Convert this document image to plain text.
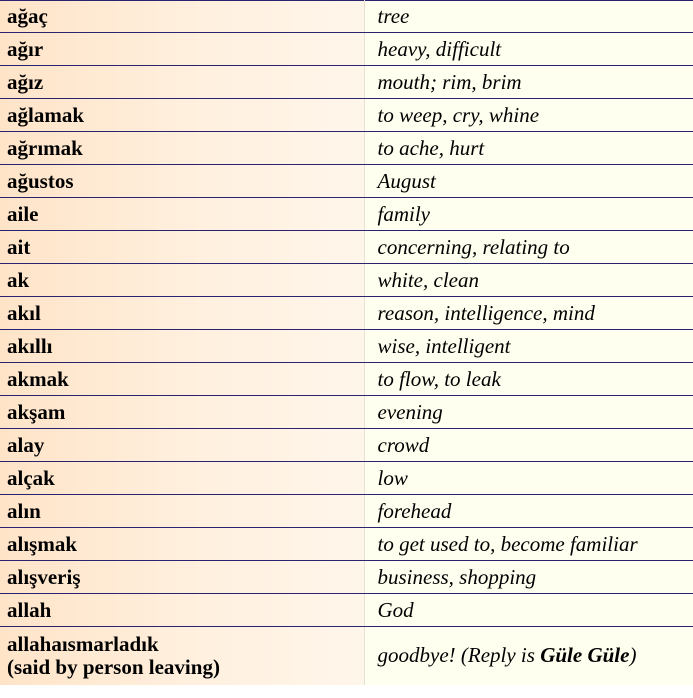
ağaç	tree
ağır	heavy, difficult
ağız	mouth; rim, brim
ağlamak	to weep, cry, whine
ağrımak	to ache, hurt
ağustos	August
aile	family
ait	concerning, relating to
ak	white, clean
akıl	reason, intelligence, mind
akıllı	wise, intelligent
akmak	to flow, to leak
akşam	evening
alay	crowd
alçak	low
alın	forehead
alışmak	to get used to, become familiar
alışveriş	business, shopping
allah	God

allahaısmarladık
(said by person leaving)	goodbye! (Reply is Güle Güle)
